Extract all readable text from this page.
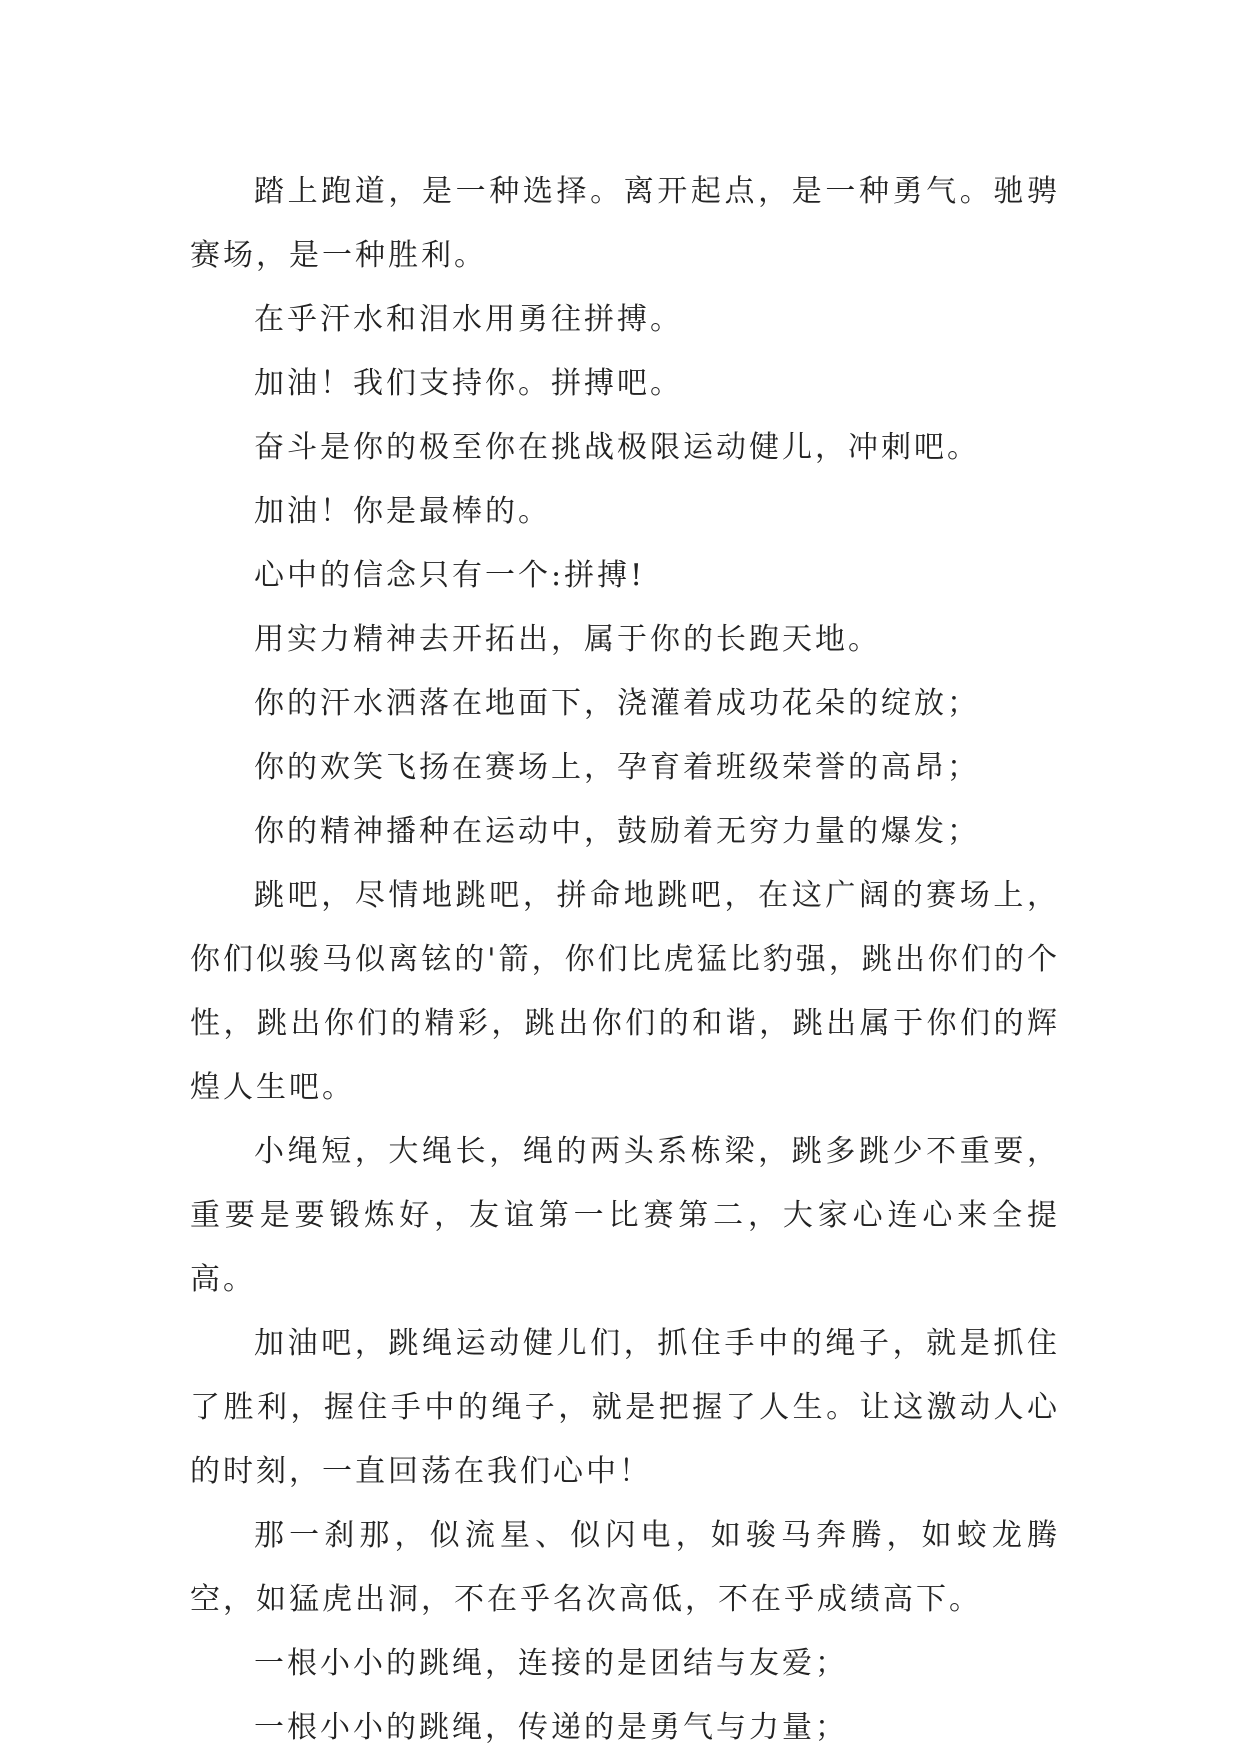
踏上跑道，是一种选择。离开起点，是一种勇气。驰骋赛场，是一种胜利。

在乎汗水和泪水用勇往拼搏。

加油！我们支持你。拼搏吧。

奋斗是你的极至你在挑战极限运动健儿，冲刺吧。

加油！你是最棒的。

心中的信念只有一个:拼搏!

用实力精神去开拓出，属于你的长跑天地。

你的汗水洒落在地面下，浇灌着成功花朵的绽放；

你的欢笑飞扬在赛场上，孕育着班级荣誉的高昂；

你的精神播种在运动中，鼓励着无穷力量的爆发；

跳吧，尽情地跳吧，拼命地跳吧，在这广阔的赛场上，你们似骏马似离铉的'箭，你们比虎猛比豹强，跳出你们的个性，跳出你们的精彩，跳出你们的和谐，跳出属于你们的辉煌人生吧。

小绳短，大绳长，绳的两头系栋梁，跳多跳少不重要，重要是要锻炼好，友谊第一比赛第二，大家心连心来全提高。

加油吧，跳绳运动健儿们，抓住手中的绳子，就是抓住了胜利，握住手中的绳子，就是把握了人生。让这激动人心的时刻，一直回荡在我们心中！

那一刹那，似流星、似闪电，如骏马奔腾，如蛟龙腾空，如猛虎出洞，不在乎名次高低，不在乎成绩高下。

一根小小的跳绳，连接的是团结与友爱；

一根小小的跳绳，传递的是勇气与力量；
